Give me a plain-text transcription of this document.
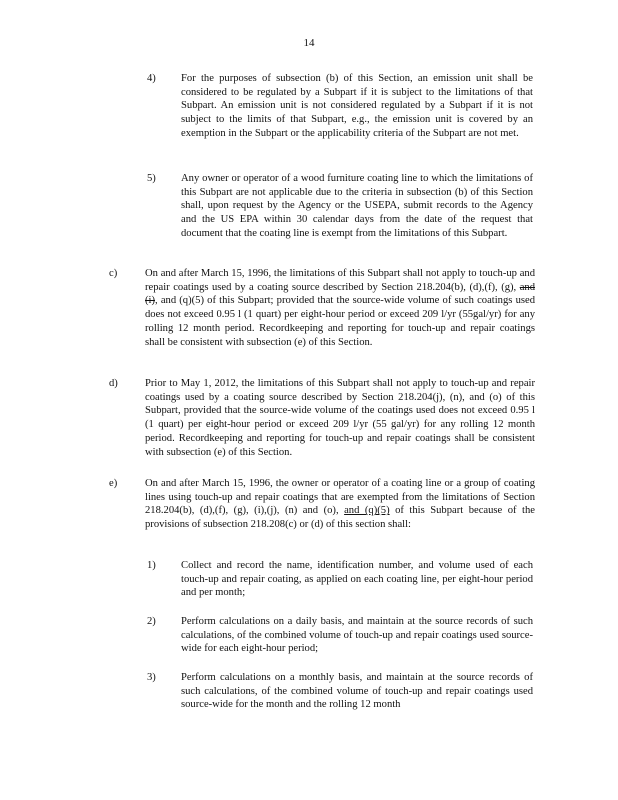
14
4) For the purposes of subsection (b) of this Section, an emission unit shall be considered to be regulated by a Subpart if it is subject to the limitations of that Subpart. An emission unit is not considered regulated by a Subpart if it is not subject to the limits of that Subpart, e.g., the emission unit is covered by an exemption in the Subpart or the applicability criteria of the Subpart are not met.
5) Any owner or operator of a wood furniture coating line to which the limitations of this Subpart are not applicable due to the criteria in subsection (b) of this Section shall, upon request by the Agency or the USEPA, submit records to the Agency and the US EPA within 30 calendar days from the date of the request that document that the coating line is exempt from the limitations of this Subpart.
c)	On and after March 15, 1996, the limitations of this Subpart shall not apply to touch-up and repair coatings used by a coating source described by Section 218.204(b), (d),(f), (g), and (i), and (q)(5) of this Subpart; provided that the source-wide volume of such coatings used does not exceed 0.95 l (1 quart) per eight-hour period or exceed 209 l/yr (55gal/yr) for any rolling 12 month period. Recordkeeping and reporting for touch-up and repair coatings shall be consistent with subsection (e) of this Section.
d)	Prior to May 1, 2012, the limitations of this Subpart shall not apply to touch-up and repair coatings used by a coating source described by Section 218.204(j), (n), and (o) of this Subpart, provided that the source-wide volume of the coatings used does not exceed 0.95 l (1 quart) per eight-hour period or exceed 209 l/yr (55 gal/yr) for any rolling 12 month period. Recordkeeping and reporting for touch-up and repair coatings shall be consistent with subsection (e) of this Section.
e)	On and after March 15, 1996, the owner or operator of a coating line or a group of coating lines using touch-up and repair coatings that are exempted from the limitations of Section 218.204(b), (d),(f), (g), (i),(j), (n) and (o), and (q)(5) of this Subpart because of the provisions of subsection 218.208(c) or (d) of this section shall:
1) Collect and record the name, identification number, and volume used of each touch-up and repair coating, as applied on each coating line, per eight-hour period and per month;
2) Perform calculations on a daily basis, and maintain at the source records of such calculations, of the combined volume of touch-up and repair coatings used source-wide for each eight-hour period;
3) Perform calculations on a monthly basis, and maintain at the source records of such calculations, of the combined volume of touch-up and repair coatings used source-wide for the month and the rolling 12 month
